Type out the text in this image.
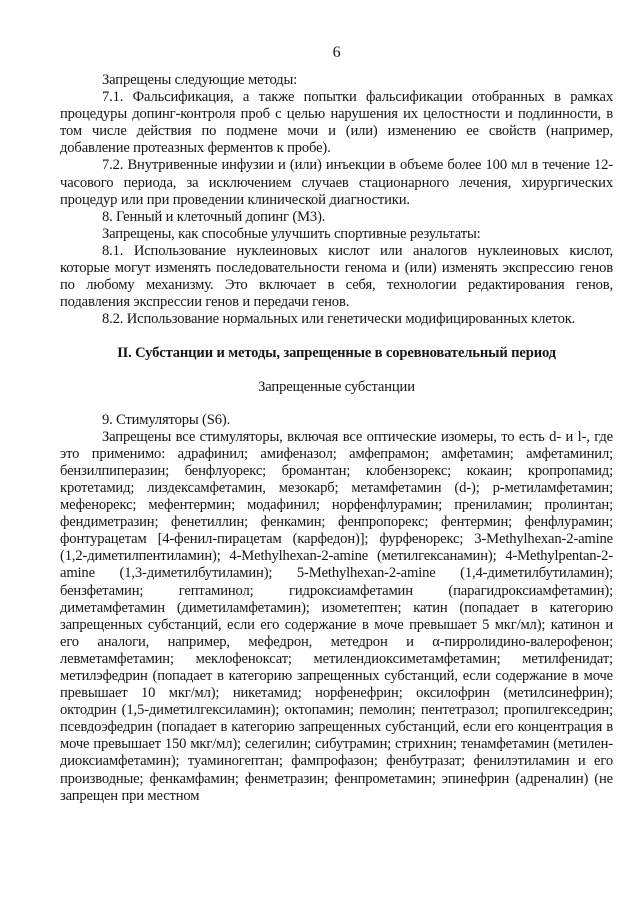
6

Запрещены следующие методы:

7.1. Фальсификация, а также попытки фальсификации отобранных в рамках процедуры допинг-контроля проб с целью нарушения их целостности и подлинности, в том числе действия по подмене мочи и (или) изменению ее свойств (например, добавление протеазных ферментов к пробе).

7.2. Внутривенные инфузии и (или) инъекции в объеме более 100 мл в течение 12-часового периода, за исключением случаев стационарного лечения, хирургических процедур или при проведении клинической диагностики.

8.	Генный и клеточный допинг (М3).

Запрещены, как способные улучшить спортивные результаты:

8.1. Использование нуклеиновых кислот или аналогов нуклеиновых кислот, которые могут изменять последовательности генома и (или) изменять экспрессию генов по любому механизму. Это включает в себя, технологии редактирования генов, подавления экспрессии генов и передачи генов.

8.2. Использование нормальных или генетически модифицированных клеток.

II. Субстанции и методы, запрещенные в соревновательный период

Запрещенные субстанции

9.	Стимуляторы (S6).

Запрещены все стимуляторы, включая все оптические изомеры, то есть d- и l-, где это применимо: адрафинил; амифеназол; амфепрамон; амфетамин; амфетаминил; бензилпиперазин; бенфлуорекс; бромантан; клобензорекс; кокаин; кропропамид; кротетамид; лиздексамфетамин, мезокарб; метамфетамин (d-); р-метиламфетамин; мефенорекс; мефентермин; модафинил; норфенфлурамин; прениламин; пролинтан; фендиметразин; фенетиллин; фенкамин; фенпропорекс; фентермин; фенфлурамин; фонтурацетам [4-фенил-пирацетам (карфедон)]; фурфенорекс; 3-Methylhexan-2-amine (1,2-диметилпентиламин); 4-Methylhexan-2-amine (метилгексанамин); 4-Methylpentan-2-amine (1,3-диметилбутиламин); 5-Methylhexan-2-amine (1,4-диметилбутиламин); бензфетамин; гептаминол; гидроксиамфетамин (парагидроксиамфетамин); диметамфетамин (диметиламфетамин); изометептен; катин (попадает в категорию запрещенных субстанций, если его содержание в моче превышает 5 мкг/мл); катинон и его аналоги, например, мефедрон, метедрон и α-пирролидино-валерофенон; левметамфетамин; меклофеноксат; метилендиоксиметамфетамин; метилфенидат; метилэфедрин (попадает в категорию запрещенных субстанций, если содержание в моче превышает 10 мкг/мл); никетамид; норфенефрин; оксилофрин (метилсинефрин); октодрин (1,5-диметилгексиламин); октопамин; пемолин; пентетразол; пропилгекседрин; псевдоэфедрин (попадает в категорию запрещенных субстанций, если его концентрация в моче превышает 150 мкг/мл); селегилин; сибутрамин; стрихнин; тенамфетамин (метилен-диоксиамфетамин); туаминогептан; фампрофазон; фенбутразат; фенилэтиламин и его производные; фенкамфамин; фенметразин; фенпрометамин; эпинефрин (адреналин) (не запрещен при местном
